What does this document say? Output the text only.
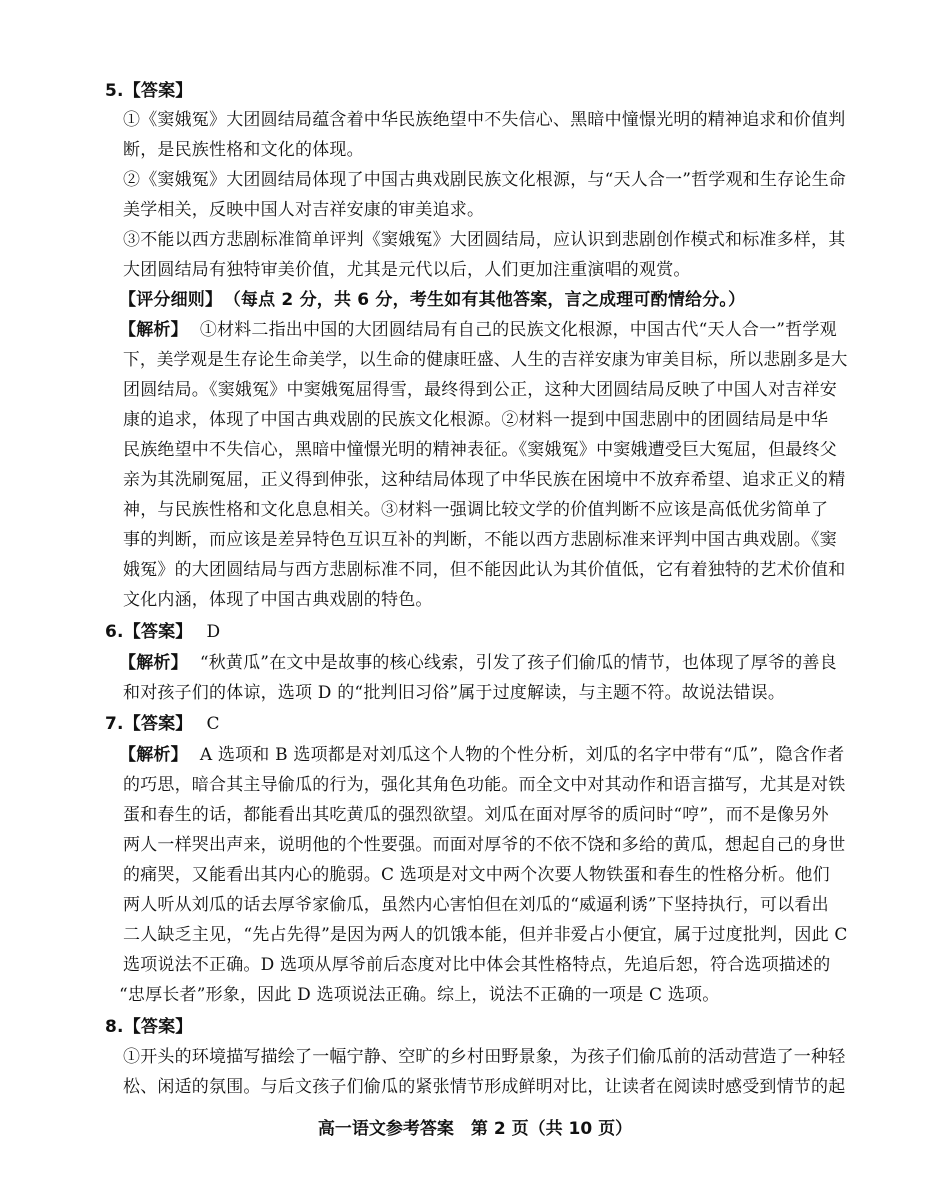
5.【答案】
①《窦娥冤》大团圆结局蕴含着中华民族绝望中不失信心、黑暗中憧憬光明的精神追求和价值判
断，是民族性格和文化的体现。
②《窦娥冤》大团圆结局体现了中国古典戏剧民族文化根源，与“天人合一”哲学观和生存论生命
美学相关，反映中国人对吉祥安康的审美追求。
③不能以西方悲剧标准简单评判《窦娥冤》大团圆结局，应认识到悲剧创作模式和标准多样，其
大团圆结局有独特审美价值，尤其是元代以后，人们更加注重演唱的观赏。
【评分细则】 （每点 2 分，共 6 分，考生如有其他答案，言之成理可酌情给分。）
【解析】 ①材料二指出中国的大团圆结局有自己的民族文化根源，中国古代“天人合一”哲学观
下，美学观是生存论生命美学，以生命的健康旺盛、人生的吉祥安康为审美目标，所以悲剧多是大
团圆结局。《窦娥冤》中窦娥冤屈得雪，最终得到公正，这种大团圆结局反映了中国人对吉祥安
康的追求，体现了中国古典戏剧的民族文化根源。②材料一提到中国悲剧中的团圆结局是中华
民族绝望中不失信心，黑暗中憧憬光明的精神表征。《窦娥冤》中窦娥遭受巨大冤屈，但最终父
亲为其洗刷冤屈，正义得到伸张，这种结局体现了中华民族在困境中不放弃希望、追求正义的精
神，与民族性格和文化息息相关。③材料一强调比较文学的价值判断不应该是高低优劣简单了
事的判断，而应该是差异特色互识互补的判断，不能以西方悲剧标准来评判中国古典戏剧。《窦
娥冤》的大团圆结局与西方悲剧标准不同，但不能因此认为其价值低，它有着独特的艺术价值和
文化内涵，体现了中国古典戏剧的特色。
6.【答案】 D
【解析】 “秋黄瓜”在文中是故事的核心线索，引发了孩子们偷瓜的情节，也体现了厚爷的善良
和对孩子们的体谅，选项 D 的“批判旧习俗”属于过度解读，与主题不符。故说法错误。
7.【答案】 C
【解析】 A 选项和 B 选项都是对刘瓜这个人物的个性分析，刘瓜的名字中带有“瓜”，隐含作者
的巧思，暗合其主导偷瓜的行为，强化其角色功能。而全文中对其动作和语言描写，尤其是对铁
蛋和春生的话，都能看出其吃黄瓜的强烈欲望。刘瓜在面对厚爷的质问时“哼”，而不是像另外
两人一样哭出声来，说明他的个性要强。而面对厚爷的不依不饶和多给的黄瓜，想起自己的身世
的痛哭，又能看出其内心的脆弱。C 选项是对文中两个次要人物铁蛋和春生的性格分析。他们
两人听从刘瓜的话去厚爷家偷瓜，虽然内心害怕但在刘瓜的“威逼利诱”下坚持执行，可以看出
二人缺乏主见，“先占先得”是因为两人的饥饿本能，但并非爱占小便宜，属于过度批判，因此 C
选项说法不正确。D 选项从厚爷前后态度对比中体会其性格特点，先追后恕，符合选项描述的
“忠厚长者”形象，因此 D 选项说法正确。综上，说法不正确的一项是 C 选项。
8.【答案】
①开头的环境描写描绘了一幅宁静、空旷的乡村田野景象，为孩子们偷瓜前的活动营造了一种轻
松、闲适的氛围。与后文孩子们偷瓜的紧张情节形成鲜明对比，让读者在阅读时感受到情节的起
高一语文参考答案　第 2 页（共 10 页）
